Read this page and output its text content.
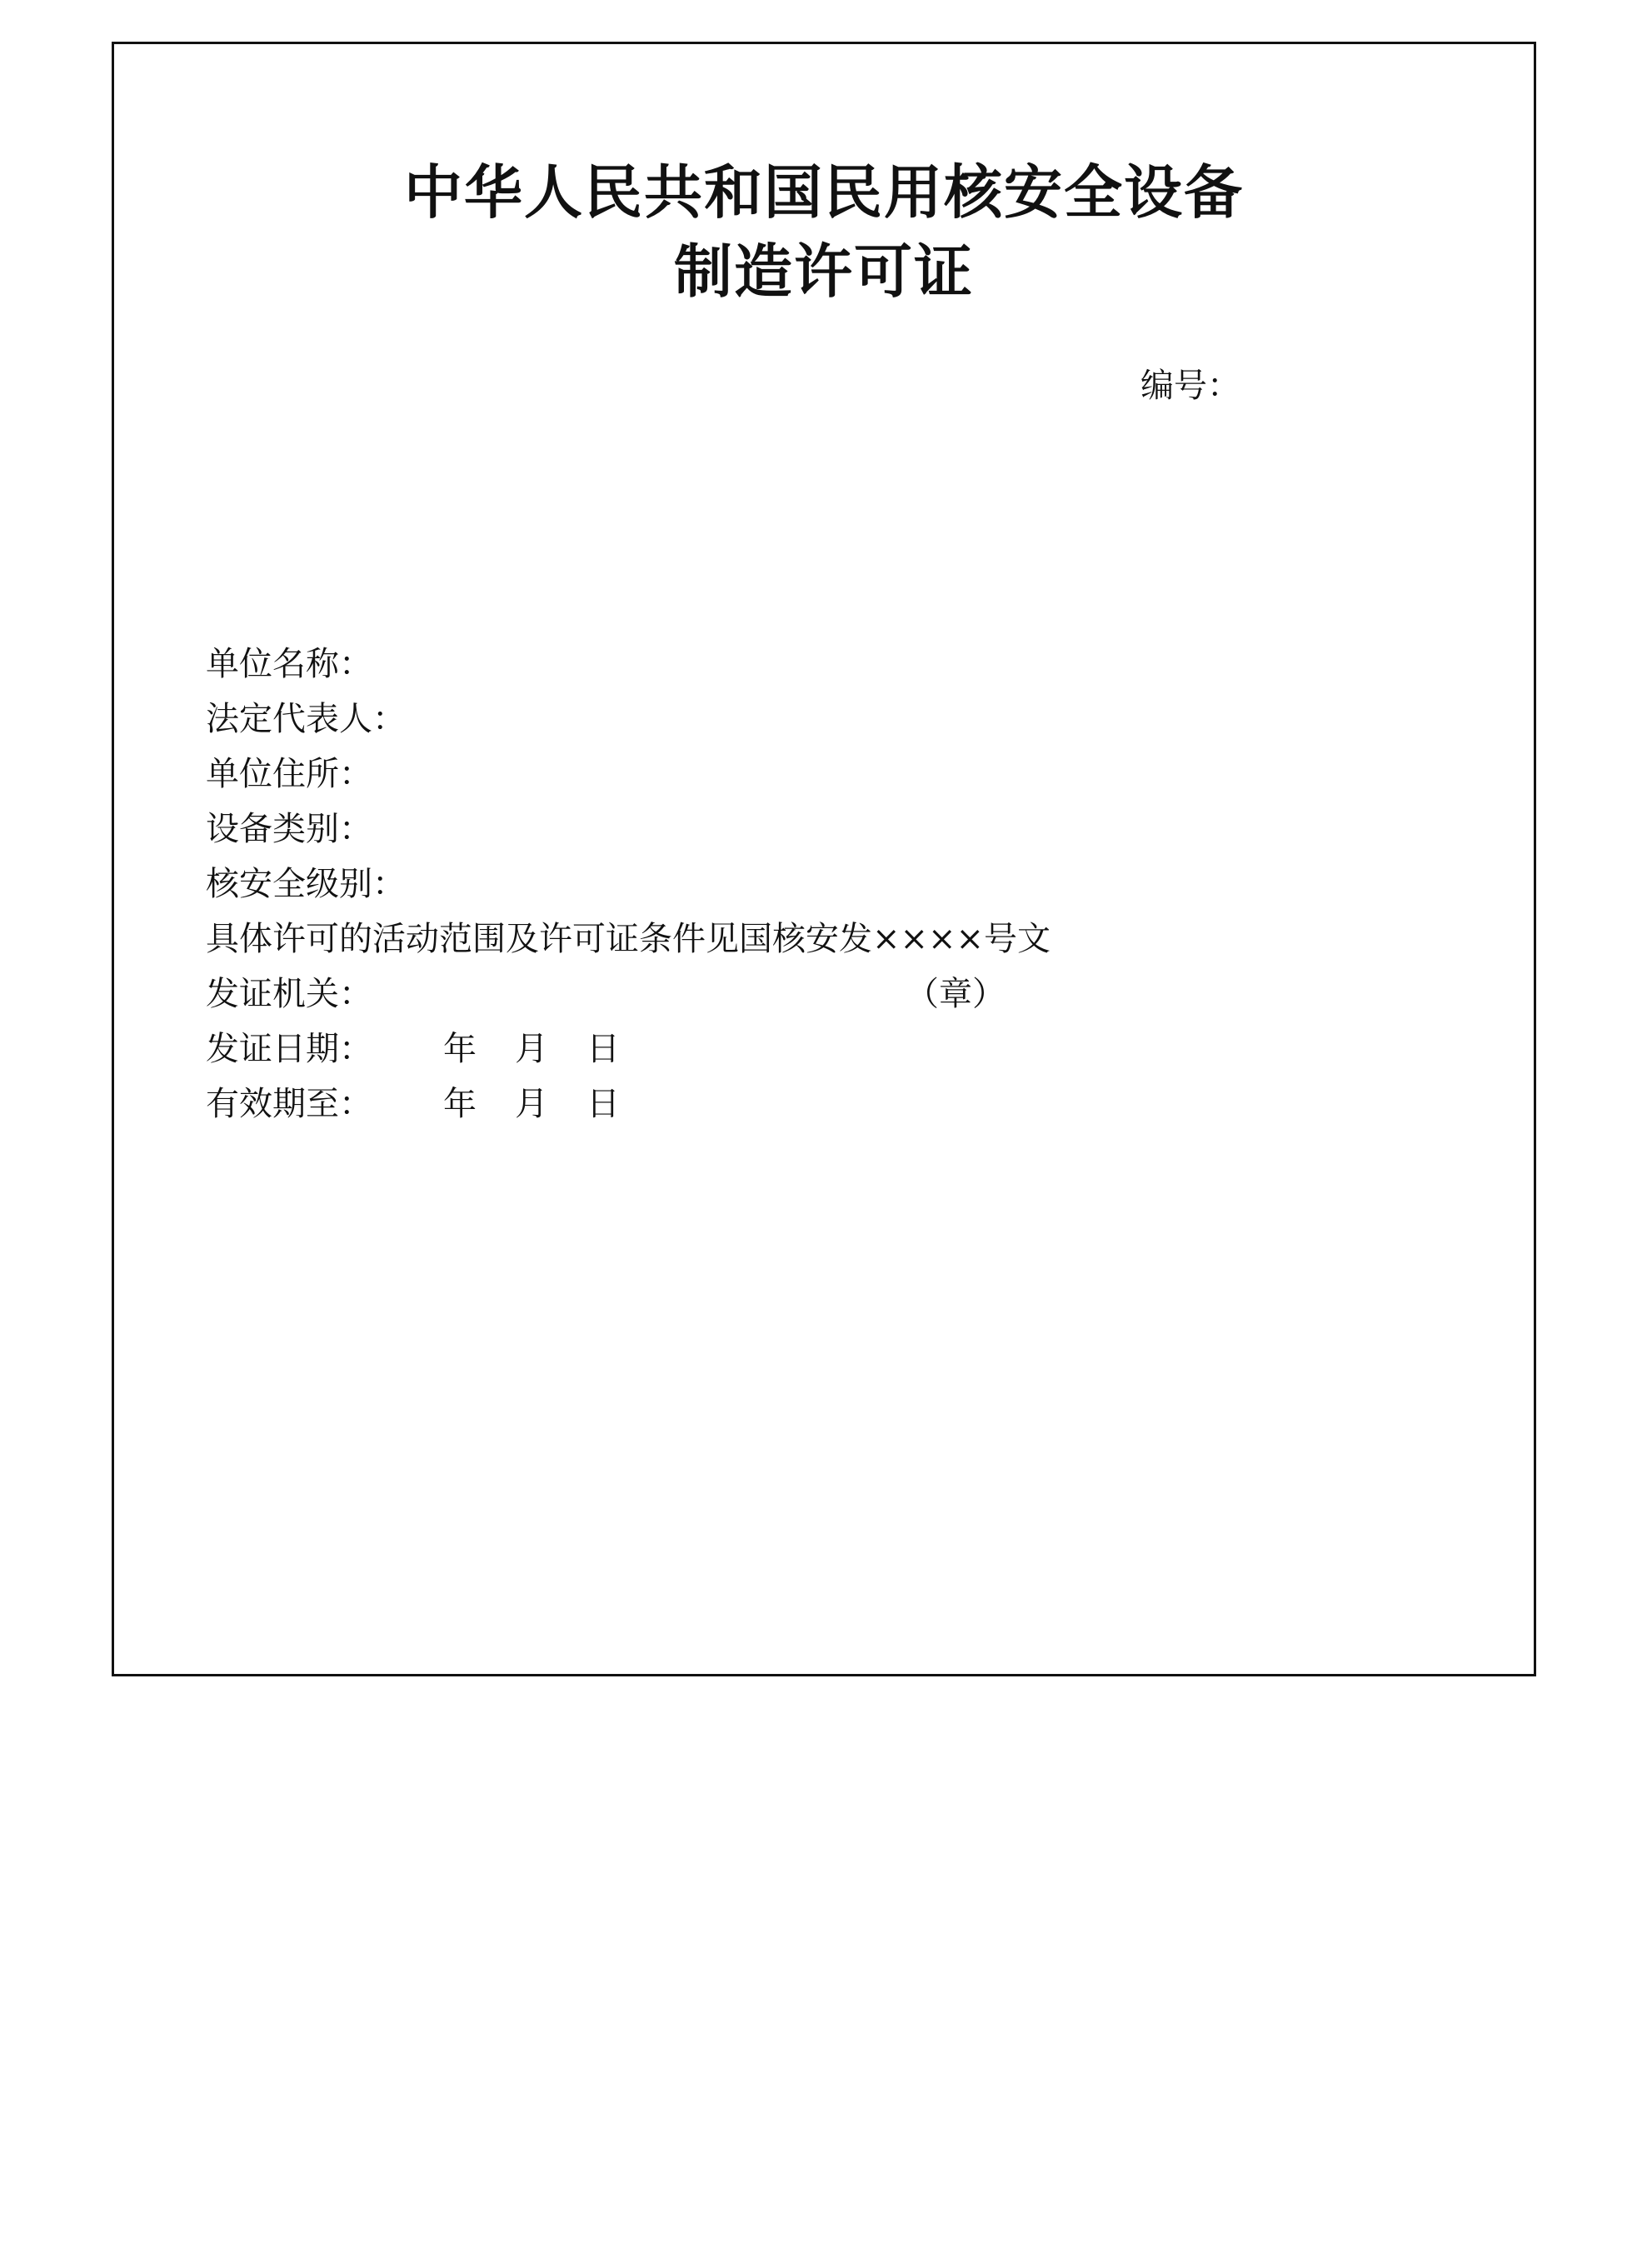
中华人民共和国民用核安全设备
制造许可证
编号：
单位名称：
法定代表人：
单位住所：
设备类别：
核安全级别：
具体许可的活动范围及许可证条件见国核安发××××号文
发证机关：	（章）
发证日期： 年 月 日
有效期至： 年 月 日
